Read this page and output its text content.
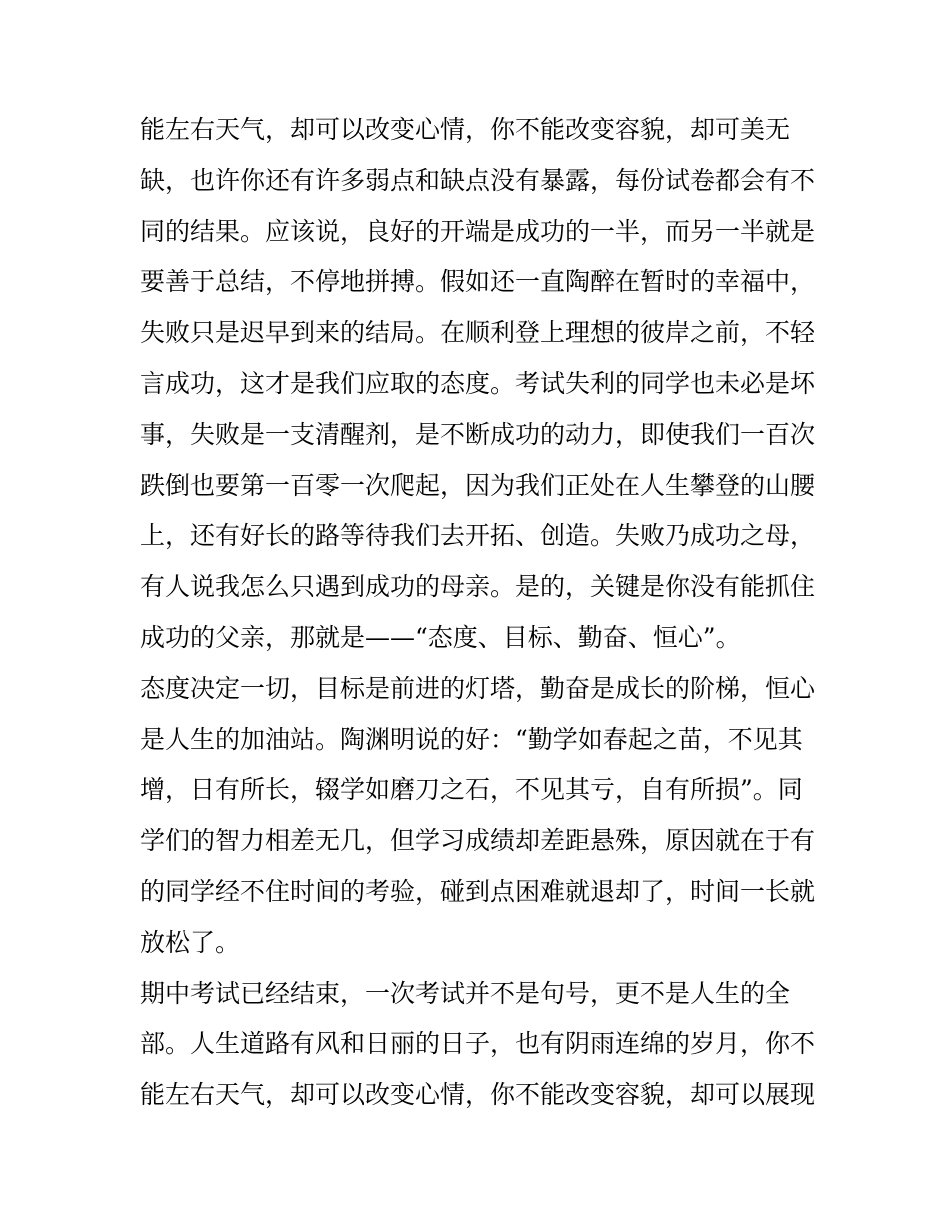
能左右天气，却可以改变心情，你不能改变容貌，却可美无
缺，也许你还有许多弱点和缺点没有暴露，每份试卷都会有不
同的结果。应该说，良好的开端是成功的一半，而另一半就是
要善于总结，不停地拼搏。假如还一直陶醉在暂时的幸福中，
失败只是迟早到来的结局。在顺利登上理想的彼岸之前，不轻
言成功，这才是我们应取的态度。考试失利的同学也未必是坏
事，失败是一支清醒剂，是不断成功的动力，即使我们一百次
跌倒也要第一百零一次爬起，因为我们正处在人生攀登的山腰
上，还有好长的路等待我们去开拓、创造。失败乃成功之母，
有人说我怎么只遇到成功的母亲。是的，关键是你没有能抓住
成功的父亲，那就是——“态度、目标、勤奋、恒心”。
态度决定一切，目标是前进的灯塔，勤奋是成长的阶梯，恒心
是人生的加油站。陶渊明说的好：“勤学如春起之苗，不见其
增，日有所长，辍学如磨刀之石，不见其亏，自有所损”。同
学们的智力相差无几，但学习成绩却差距悬殊，原因就在于有
的同学经不住时间的考验，碰到点困难就退却了，时间一长就
放松了。
期中考试已经结束，一次考试并不是句号，更不是人生的全
部。人生道路有风和日丽的日子，也有阴雨连绵的岁月，你不
能左右天气，却可以改变心情，你不能改变容貌，却可以展现
